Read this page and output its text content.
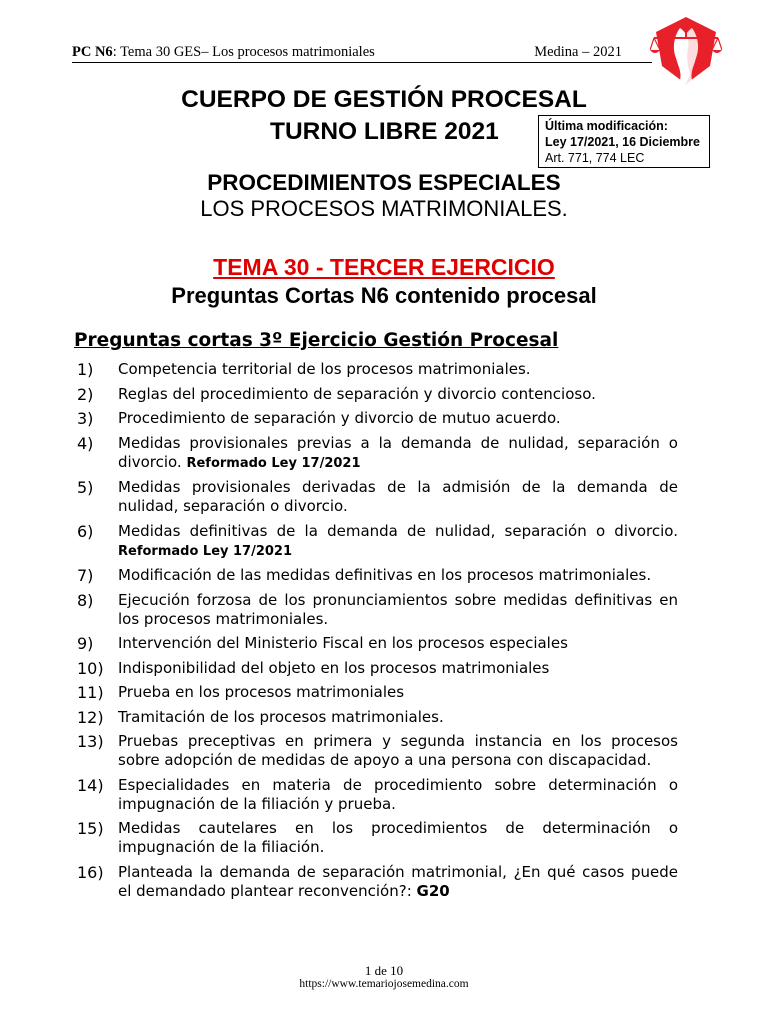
PC N6: Tema 30 GES– Los procesos matrimoniales	Medina – 2021
CUERPO DE GESTIÓN PROCESAL
TURNO LIBRE 2021	Última modificación:
Ley 17/2021, 16 Diciembre
Art. 771, 774 LEC
PROCEDIMIENTOS ESPECIALES
LOS PROCESOS MATRIMONIALES.
TEMA 30 - TERCER EJERCICIO
Preguntas Cortas N6 contenido procesal
Preguntas cortas 3º Ejercicio Gestión Procesal
1) Competencia territorial de los procesos matrimoniales.
2) Reglas del procedimiento de separación y divorcio contencioso.
3) Procedimiento de separación y divorcio de mutuo acuerdo.
4) Medidas provisionales previas a la demanda de nulidad, separación o divorcio. Reformado Ley 17/2021
5) Medidas provisionales derivadas de la admisión de la demanda de nulidad, separación o divorcio.
6) Medidas definitivas de la demanda de nulidad, separación o divorcio. Reformado Ley 17/2021
7) Modificación de las medidas definitivas en los procesos matrimoniales.
8) Ejecución forzosa de los pronunciamientos sobre medidas definitivas en los procesos matrimoniales.
9) Intervención del Ministerio Fiscal en los procesos especiales
10) Indisponibilidad del objeto en los procesos matrimoniales
11) Prueba en los procesos matrimoniales
12) Tramitación de los procesos matrimoniales.
13) Pruebas preceptivas en primera y segunda instancia en los procesos sobre adopción de medidas de apoyo a una persona con discapacidad.
14) Especialidades en materia de procedimiento sobre determinación o impugnación de la filiación y prueba.
15) Medidas cautelares en los procedimientos de determinación o impugnación de la filiación.
16) Planteada la demanda de separación matrimonial, ¿En qué casos puede el demandado plantear reconvención?: G20
1 de 10
https://www.temariojosemedina.com
